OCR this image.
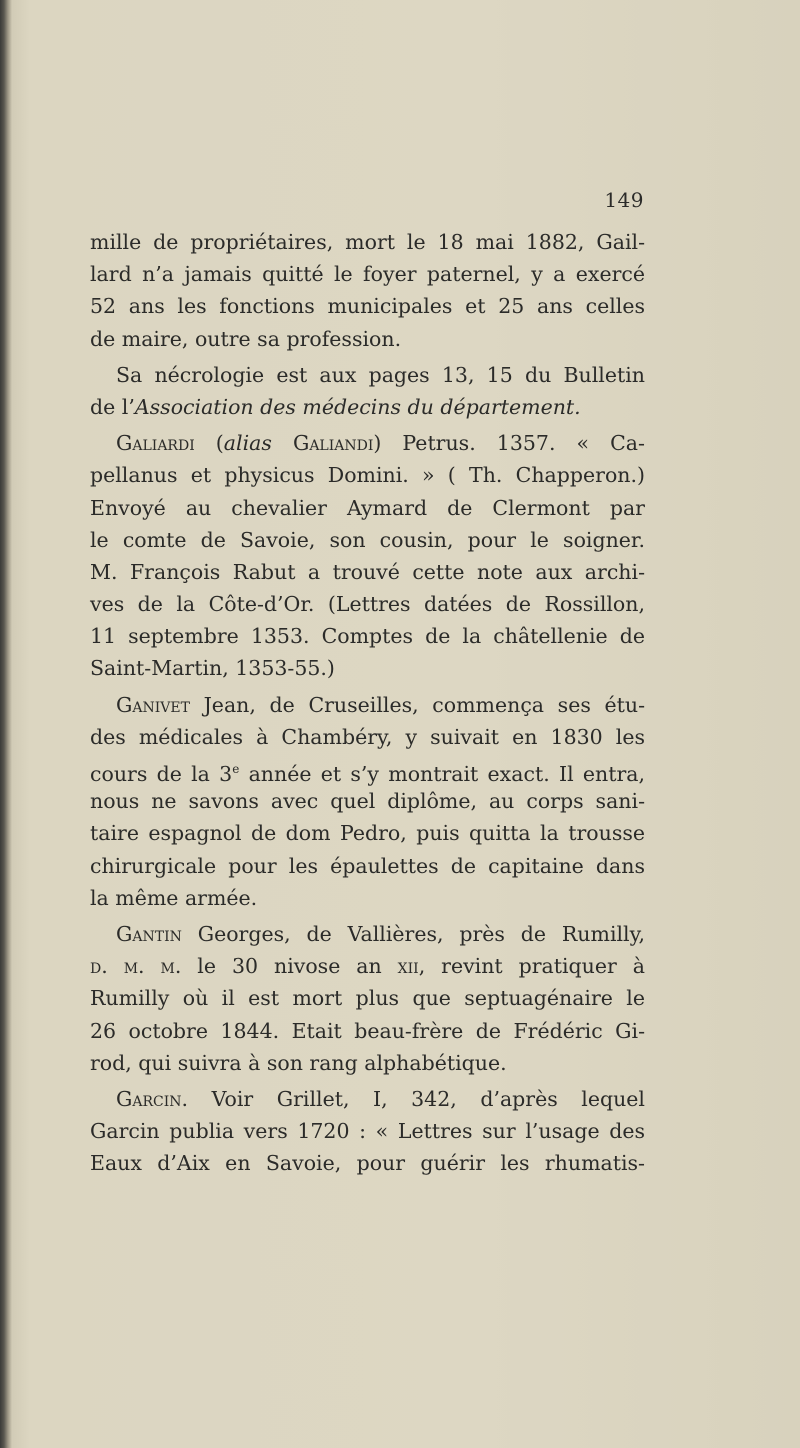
149
mille de propriétaires, mort le 18 mai 1882, Gail-
lard n’a jamais quitté le foyer paternel, y a exercé
52 ans les fonctions municipales et 25 ans celles
de maire, outre sa profession.
Sa nécrologie est aux pages 13, 15 du Bulletin
de l’Association des médecins du département.
Galiardi (alias Galiandi) Petrus. 1357. « Ca-
pellanus et physicus Domini. » ( Th. Chapperon.)
Envoyé au chevalier Aymard de Clermont par
le comte de Savoie, son cousin, pour le soigner.
M. François Rabut a trouvé cette note aux archi-
ves de la Côte-d’Or. (Lettres datées de Rossillon,
11 septembre 1353. Comptes de la châtellenie de
Saint-Martin, 1353-55.)
Ganivet Jean, de Cruseilles, commença ses étu-
des médicales à Chambéry, y suivait en 1830 les
cours de la 3e année et s’y montrait exact. Il entra,
nous ne savons avec quel diplôme, au corps sani-
taire espagnol de dom Pedro, puis quitta la trousse
chirurgicale pour les épaulettes de capitaine dans
la même armée.
Gantin Georges, de Vallières, près de Rumilly,
d. m. m. le 30 nivose an xii, revint pratiquer à
Rumilly où il est mort plus que septuagénaire le
26 octobre 1844. Etait beau-frère de Frédéric Gi-
rod, qui suivra à son rang alphabétique.
Garcin. Voir Grillet, I, 342, d’après lequel
Garcin publia vers 1720 : « Lettres sur l’usage des
Eaux d’Aix en Savoie, pour guérir les rhumatis-
